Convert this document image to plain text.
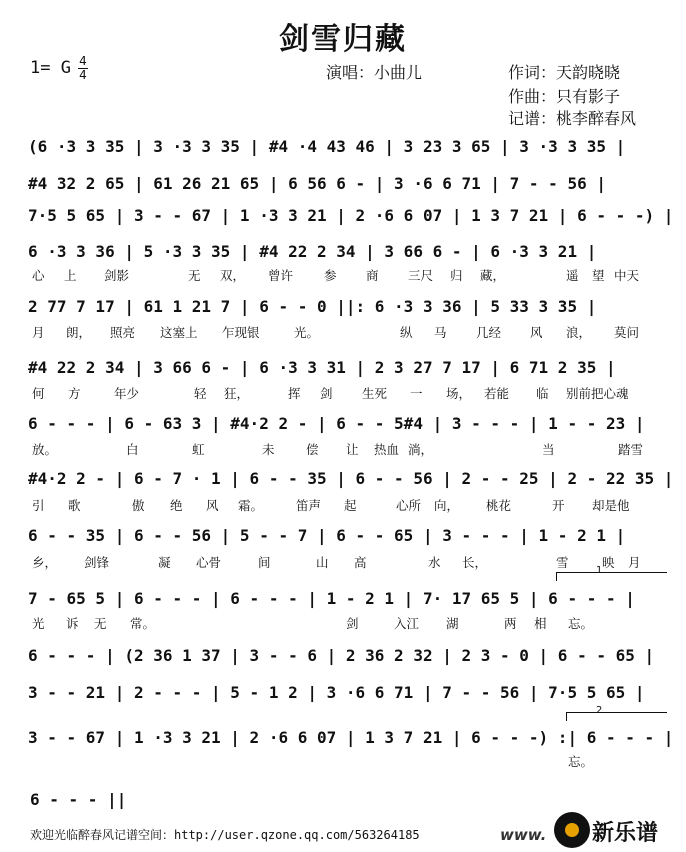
剑雪归藏
1= G 4
4	演唱：小曲儿	作词：天韵晓晓
作曲：只有影子
记谱：桃李醉春风
(6 ·3 3 35 | 3 ·3 3 35 | #4 ·4 43 46 | 3 23 3 65 | 3 ·3 3 35 |
#4 32 2 65 | 61 26 21 65 | 6 56 6 - | 3 ·6 6 71 | 7 - - 56 |
7·5 5 65 | 3 - - 67 | 1 ·3 3 21 | 2 ·6 6 07 | 1 3 7 21 | 6 - - -) |
6 ·3 3 36 | 5 ·3 3 35 | #4 22 2 34 | 3 66 6 - | 6 ·3 3 21 |
2 77 7 17 | 61 1 21 7 | 6 - - 0 ||: 6 ·3 3 36 | 5 33 3 35 |
#4 22 2 34 | 3 66 6 - | 6 ·3 3 31 | 2 3 27 7 17 | 6 71 2 35 |
6 - - - | 6 - 63 3 | #4·2 2 - | 6 - - 5#4 | 3 - - - | 1 - - 23 |
#4·2 2 - | 6 - 7 · 1 | 6 - - 35 | 6 - - 56 | 2 - - 25 | 2 - 22 35 |
6 - - 35 | 6 - - 56 | 5 - - 7 | 6 - - 65 | 3 - - - | 1 - 2 1 |
7 - 65 5 | 6 - - - | 6 - - - | 1 - 2 1 | 7· 17 65 5 | 6 - - - |
6 - - - | (2 36 1 37 | 3 - - 6 | 2 36 2 32 | 2 3 - 0 | 6 - - 65 |
3 - - 21 | 2 - - - | 5 - 1 2 | 3 ·6 6 71 | 7 - - 56 | 7·5 5 65 |
3 - - 67 | 1 ·3 3 21 | 2 ·6 6 07 | 1 3 7 21 | 6 - - -) :| 6 - - - |
6 - - - ||
心 上 剑影	无 双， 曾许 参 商 三尺 归 藏，	遥 望 中天
月 朗， 照亮 这塞上 乍现银	光。	纵 马 几经 风 浪， 莫问
何 方	年少	轻 狂，	挥 剑 生死 一 场， 若能 临 别前把心魂
放。	白	虹	未	偿 让 热血 淌，	当	踏雪
引 歌	傲 绝 风 霜。	笛声 起	心所 向， 桃花	开 却是他
乡， 剑锋	凝 心骨	间	山 高	水 长，	雪	映 月
光 诉 无 常。	剑	入江 湖	两 相 忘。
忘。
1
2
欢迎光临醉春风记谱空间：http://user.qzone.qq.com/563264185	www. 新乐谱
